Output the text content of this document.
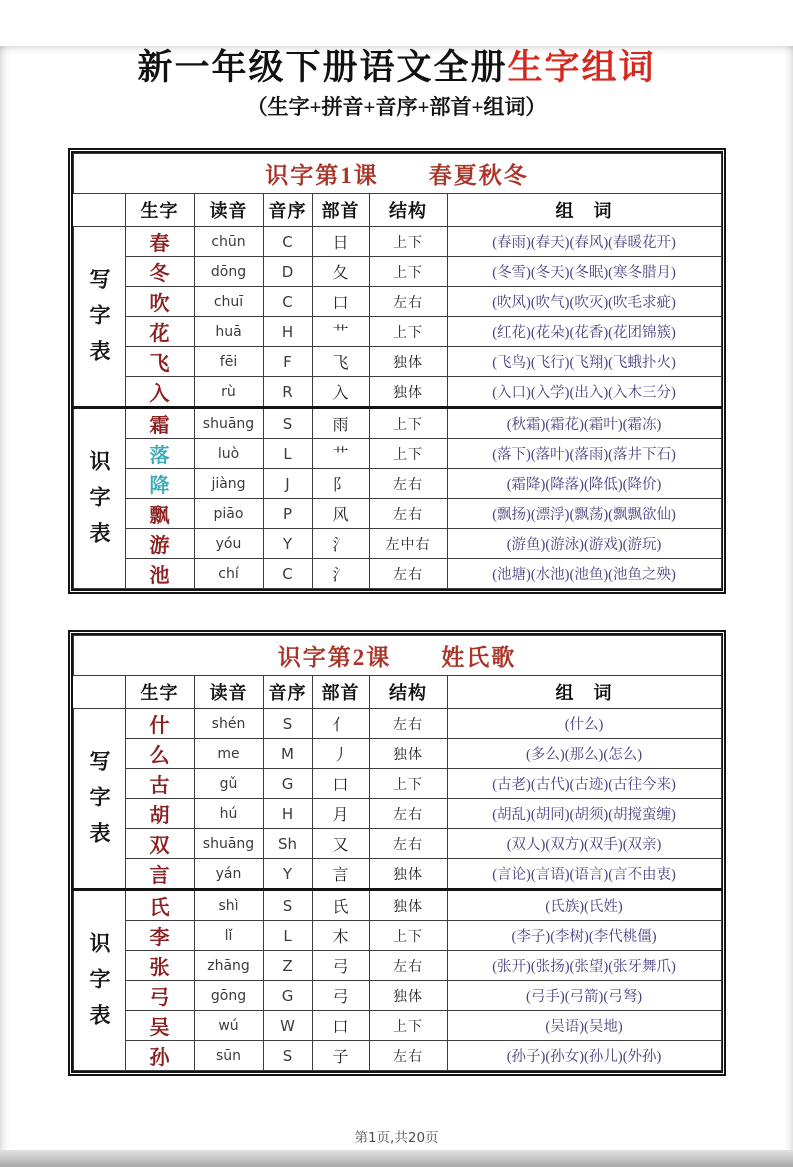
新一年级下册语文全册生字组词
（生字+拼音+音序+部首+组词）
识字第1课　　春夏秋冬						
	生字	读音	音序	部首	结构	组　词
写字表	春	chūn	C	日	上下	(春雨)(春天)(春风)(春暖花开)
	冬	dōng	D	夂	上下	(冬雪)(冬天)(冬眠)(寒冬腊月)
	吹	chuī	C	口	左右	(吹风)(吹气)(吹灭)(吹毛求疵)
	花	huā	H	艹	上下	(红花)(花朵)(花香)(花团锦簇)
	飞	fēi	F	飞	独体	(飞鸟)(飞行)(飞翔)(飞蛾扑火)
	入	rù	R	入	独体	(入口)(入学)(出入)(入木三分)
识字表	霜	shuāng	S	雨	上下	(秋霜)(霜花)(霜叶)(霜冻)
	落	luò	L	艹	上下	(落下)(落叶)(落雨)(落井下石)
	降	jiàng	J	阝	左右	(霜降)(降落)(降低)(降价)
	飘	piāo	P	风	左右	(飘扬)(漂浮)(飘荡)(飘飘欲仙)
	游	yóu	Y	氵	左中右	(游鱼)(游泳)(游戏)(游玩)
	池	chí	C	氵	左右	(池塘)(水池)(池鱼)(池鱼之殃)
识字第2课　　姓氏歌						
	生字	读音	音序	部首	结构	组　词
写字表	什	shén	S	亻	左右	(什么)
	么	me	M	丿	独体	(多么)(那么)(怎么)
	古	gǔ	G	口	上下	(古老)(古代)(古迹)(古往今来)
	胡	hú	H	月	左右	(胡乱)(胡同)(胡须)(胡搅蛮缠)
	双	shuāng	Sh	又	左右	(双人)(双方)(双手)(双亲)
	言	yán	Y	言	独体	(言论)(言语)(语言)(言不由衷)
识字表	氏	shì	S	氏	独体	(氏族)(氏姓)
	李	lǐ	L	木	上下	(李子)(李树)(李代桃僵)
	张	zhāng	Z	弓	左右	(张开)(张扬)(张望)(张牙舞爪)
	弓	gōng	G	弓	独体	(弓手)(弓箭)(弓弩)
	吴	wú	W	口	上下	(吴语)(吴地)
	孙	sūn	S	子	左右	(孙子)(孙女)(孙儿)(外孙)
第1页,共20页
